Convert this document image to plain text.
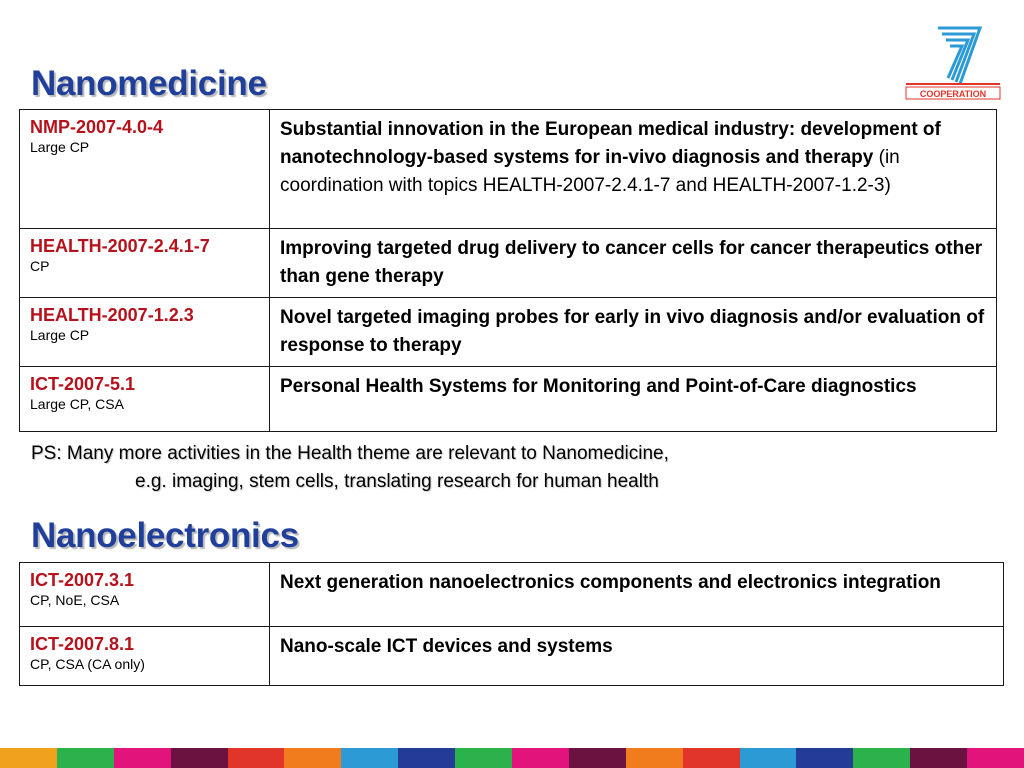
COOPERATION
Nanomedicine
NMP-2007-4.0-4
Large CP	Substantial innovation in the European medical industry: development of nanotechnology-based systems for in-vivo diagnosis and therapy (in coordination with topics HEALTH-2007-2.4.1-7 and HEALTH-2007-1.2-3)

HEALTH-2007-2.4.1-7
CP	Improving targeted drug delivery to cancer cells for cancer therapeutics other than gene therapy

HEALTH-2007-1.2.3
Large CP	Novel targeted imaging probes for early in vivo diagnosis and/or evaluation of response to therapy

ICT-2007-5.1
Large CP, CSA	Personal Health Systems for Monitoring and Point-of-Care diagnostics
PS: Many more activities in the Health theme are relevant to Nanomedicine,
e.g. imaging, stem cells, translating research for human health
Nanoelectronics
ICT-2007.3.1
CP, NoE, CSA	Next generation nanoelectronics components and electronics integration

ICT-2007.8.1
CP, CSA (CA only)	Nano-scale ICT devices and systems
